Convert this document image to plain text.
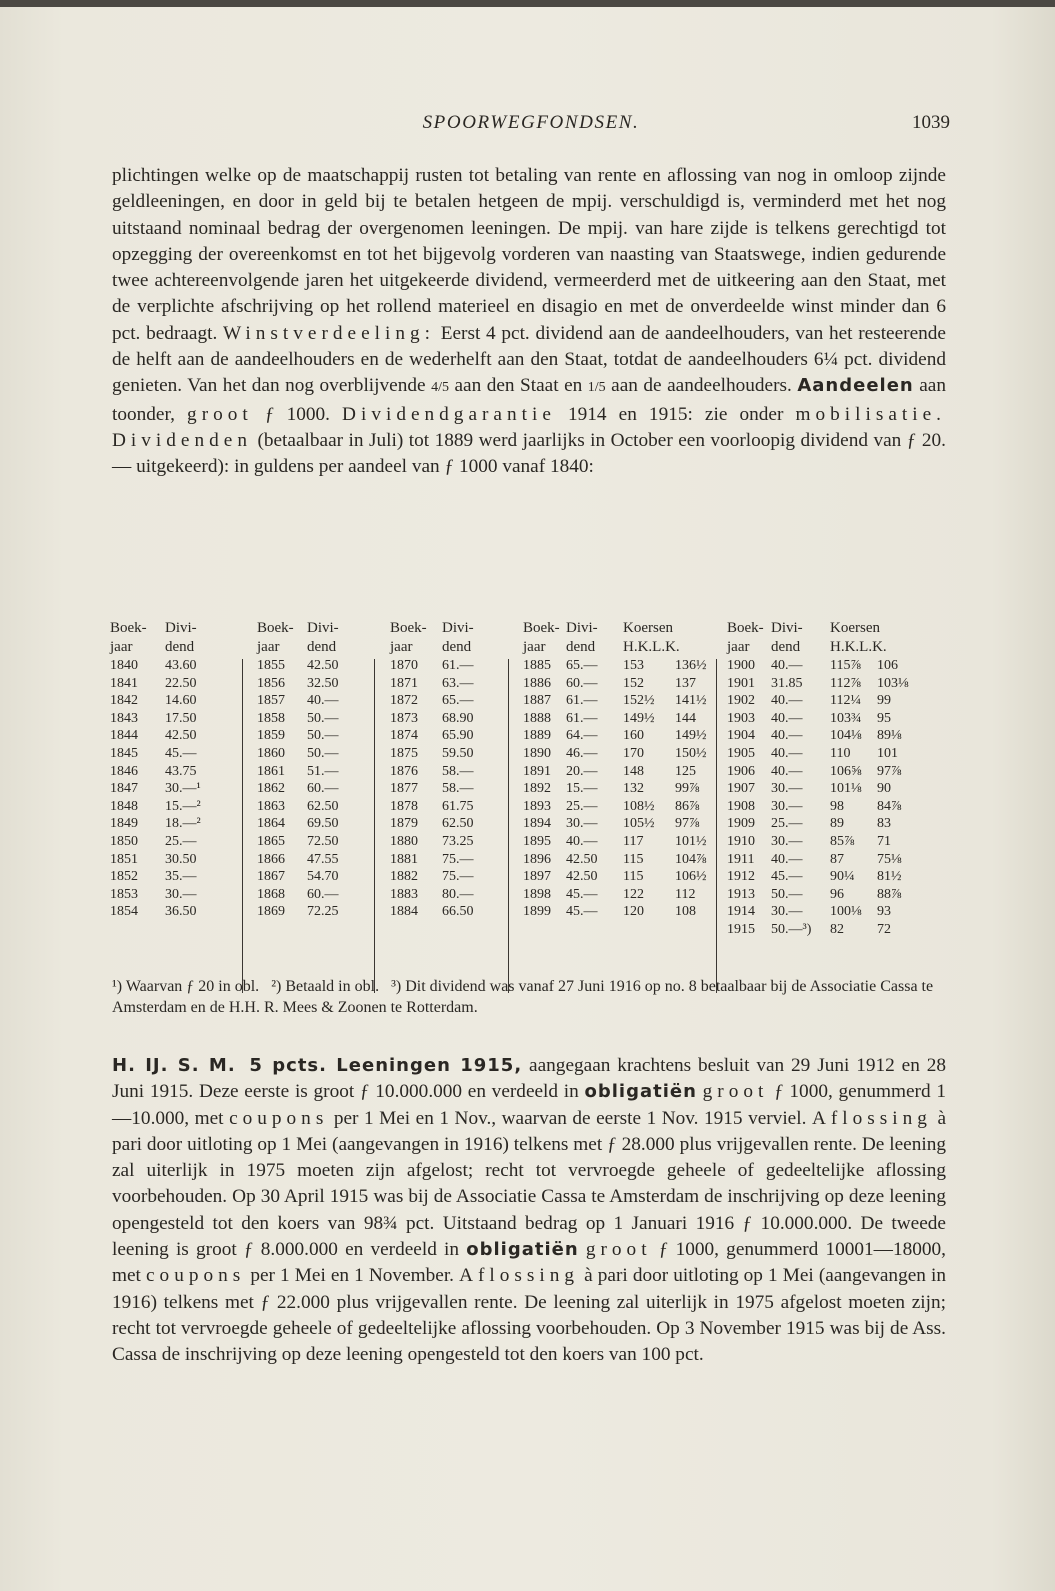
SPOORWEGFONDSEN.	1039
plichtingen welke op de maatschappij rusten tot betaling van rente en aflossing van nog in omloop zijnde geldleeningen, en door in geld bij te betalen hetgeen de mpij. verschuldigd is, verminderd met het nog uitstaand nominaal bedrag der overgenomen leeningen. De mpij. van hare zijde is telkens gerechtigd tot opzegging der overeenkomst en tot het bijgevolg vorderen van naasting van Staatswege, indien gedurende twee achtereenvolgende jaren het uitgekeerde dividend, vermeerderd met de uitkeering aan den Staat, met de verplichte afschrijving op het rollend materieel en disagio en met de onverdeelde winst minder dan 6 pct. bedraagt. Winstverdeeling: Eerst 4 pct. dividend aan de aandeelhouders, van het resteerende de helft aan de aandeelhouders en de wederhelft aan den Staat, totdat de aandeelhouders 6¼ pct. dividend genieten. Van het dan nog overblijvende 4/5 aan den Staat en 1/5 aan de aandeelhouders. Aandeelen aan toonder, groot ƒ 1000. Dividendgarantie 1914 en 1915: zie onder mobilisatie. Dividenden (betaalbaar in Juli) tot 1889 werd jaarlijks in October een voorloopig dividend van ƒ 20.— uitgekeerd): in guldens per aandeel van ƒ 1000 vanaf 1840:
Boek- jaar
Divi- dend
1840 43.60
1841 22.50
1842 14.60
1843 17.50
1844 42.50
1845 45.—
1846 43.75
1847 30.—¹
1848 15.—²
1849 18.—²
1850 25.—
1851 30.50
1852 35.—
1853 30.—
1854 36.50
Boek- jaar
Divi- dend
1855 42.50
1856 32.50
1857 40.—
1858 50.—
1859 50.—
1860 50.—
1861 51.—
1862 60.—
1863 62.50
1864 69.50
1865 72.50
1866 47.55
1867 54.70
1868 60.—
1869 72.25
Boek- jaar
Divi- dend
1870 61.—
1871 63.—
1872 65.—
1873 68.90
1874 65.90
1875 59.50
1876 58.—
1877 58.—
1878 61.75
1879 62.50
1880 73.25
1881 75.—
1882 75.—
1883 80.—
1884 66.50
Boek- jaar
Divi- dend
Koersen H.K.L.K.
1885 65.— 153 136½
1886 60.— 152 137
1887 61.— 152½ 141½
1888 61.— 149½ 144
1889 64.— 160 149½
1890 46.— 170 150½
1891 20.— 148 125
1892 15.— 132 99⅞
1893 25.— 108½ 86⅞
1894 30.— 105½ 97⅞
1895 40.— 117 101½
1896 42.50 115 104⅞
1897 42.50 115 106½
1898 45.— 122 112
1899 45.— 120 108
Boek- jaar
Divi- dend
Koersen H.K.L.K.
1900 40.— 115⅞ 106
1901 31.85 112⅞ 103⅛
1902 40.— 112¼ 99
1903 40.— 103¾ 95
1904 40.— 104⅛ 89⅛
1905 40.— 110 101
1906 40.— 106⅝ 97⅞
1907 30.— 101⅛ 90
1908 30.— 98 84⅞
1909 25.— 89 83
1910 30.— 85⅞ 71
1911 40.— 87 75⅛
1912 45.— 90¼ 81½
1913 50.— 96 88⅞
1914 30.— 100⅛ 93
1915 50.—³) 82 72
¹) Waarvan ƒ 20 in obl. ²) Betaald in obl. ³) Dit dividend was vanaf 27 Juni 1916 op no. 8 betaalbaar bij de Associatie Cassa te Amsterdam en de H.H. R. Mees & Zoonen te Rotterdam.
H. IJ. S. M. 5 pcts. Leeningen 1915, aangegaan krachtens besluit van 29 Juni 1912 en 28 Juni 1915. Deze eerste is groot ƒ 10.000.000 en verdeeld in obligatiën groot ƒ 1000, genummerd 1—10.000, met coupons per 1 Mei en 1 Nov., waarvan de eerste 1 Nov. 1915 verviel. Aflossing à pari door uitloting op 1 Mei (aangevangen in 1916) telkens met ƒ 28.000 plus vrijgevallen rente. De leening zal uiterlijk in 1975 moeten zijn afgelost; recht tot vervroegde geheele of gedeeltelijke aflossing voorbehouden. Op 30 April 1915 was bij de Associatie Cassa te Amsterdam de inschrijving op deze leening opengesteld tot den koers van 98¾ pct. Uitstaand bedrag op 1 Januari 1916 ƒ 10.000.000. De tweede leening is groot ƒ 8.000.000 en verdeeld in obligatiën groot ƒ 1000, genummerd 10001—18000, met coupons per 1 Mei en 1 November. Aflossing à pari door uitloting op 1 Mei (aangevangen in 1916) telkens met ƒ 22.000 plus vrijgevallen rente. De leening zal uiterlijk in 1975 afgelost moeten zijn; recht tot vervroegde geheele of gedeeltelijke aflossing voorbehouden. Op 3 November 1915 was bij de Ass. Cassa de inschrijving op deze leening opengesteld tot den koers van 100 pct.
